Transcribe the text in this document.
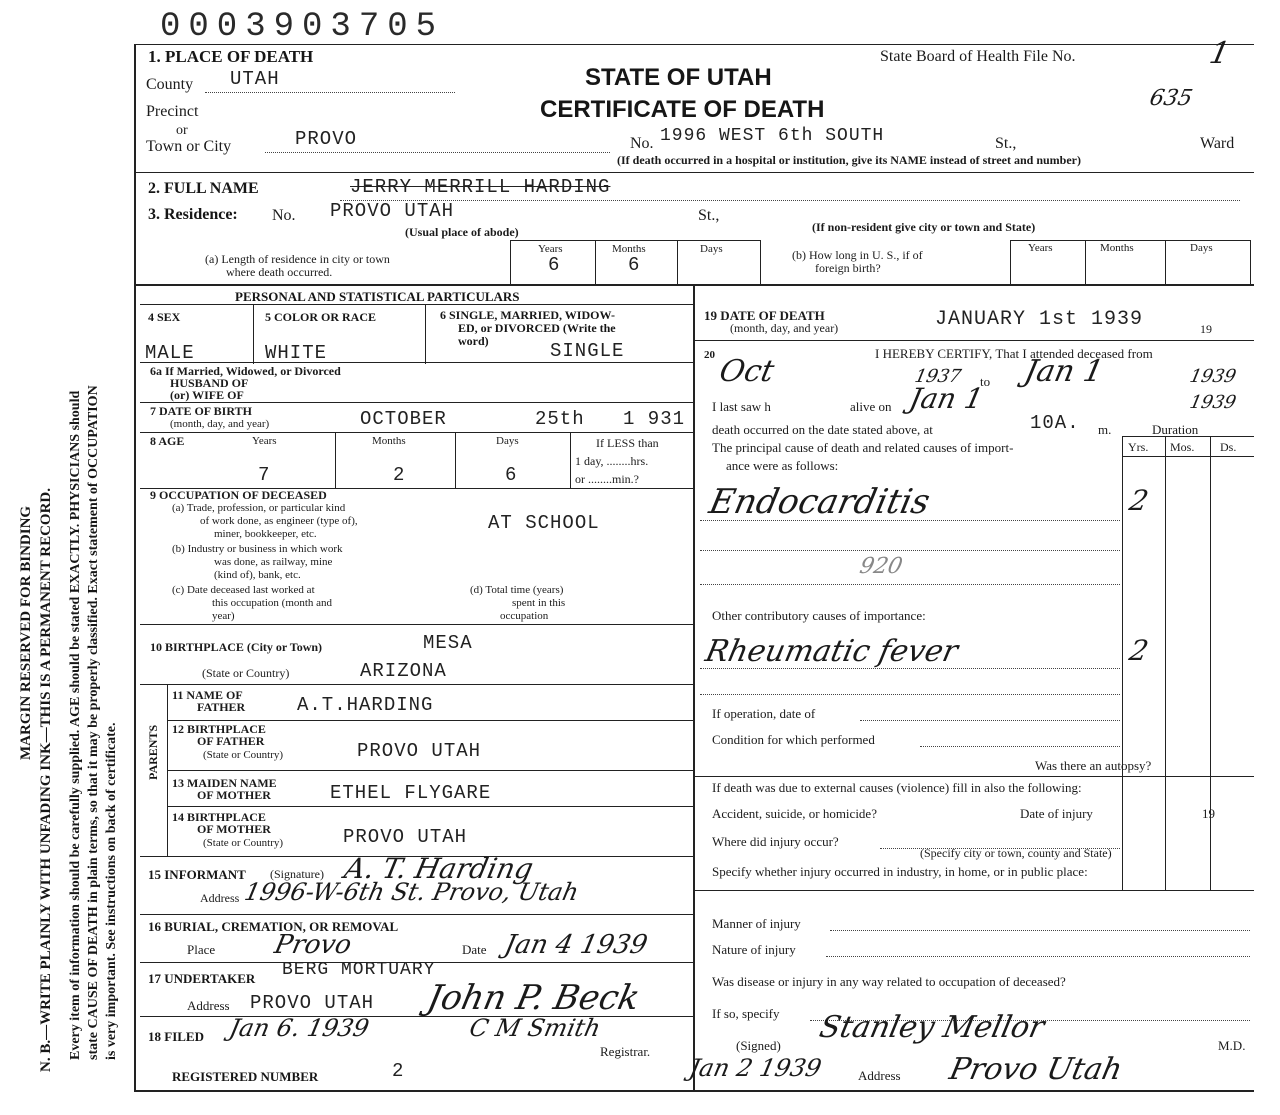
0003903705
MARGIN RESERVED FOR BINDING N. B.—WRITE PLAINLY WITH UNFADING INK—THIS IS A PERMANENT RECORD. Every item of information should be carefully supplied. AGE should be stated EXACTLY. PHYSICIANS should state CAUSE OF DEATH in plain terms, so that it may be properly classified. Exact statement of OCCUPATION is very important. See instructions on back of certificate.
1. PLACE OF DEATH
STATE OF UTAH
CERTIFICATE OF DEATH
State Board of Health File No.	1
635
County UTAH
Precinct
or
Town or City	PROVO	No. 1996 WEST 6th SOUTH	St.,	Ward
(If death occurred in a hospital or institution, give its NAME instead of street and number)
2. FULL NAME	JERRY MERRILL HARDING
3. Residence: No. PROVO UTAH	St.,
(Usual place of abode)	(If non-resident give city or town and State)
(a) Length of residence in city or town
where death occurred.
Years	Months	Days
6	6	(b) How long in U. S., if of
foreign birth?
Years	Months	Days
PERSONAL AND STATISTICAL PARTICULARS
4 SEX
MALE
5 COLOR OR RACE
WHITE
6 SINGLE, MARRIED, WIDOW-
ED, or DIVORCED (Write the
word)	SINGLE
6a If Married, Widowed, or Divorced
HUSBAND OF
(or) WIFE OF
7 DATE OF BIRTH
(month, day, and year)	OCTOBER	25th 1 931
8 AGE	Years	Months	Days
7	2	6
If LESS than
1 day, ........hrs.
or ........min.?
9 OCCUPATION OF DECEASED
(a) Trade, profession, or particular kind
of work done, as engineer (type of),
miner, bookkeeper, etc.	AT SCHOOL
(b) Industry or business in which work
was done, as railway, mine
(kind of), bank, etc.
(c) Date deceased last worked at
this occupation (month and
year)
(d) Total time (years)
spent in this
occupation
10 BIRTHPLACE (City or Town)	MESA
(State or Country)	ARIZONA
PARENTS
11 NAME OF
FATHER	A.T.HARDING
12 BIRTHPLACE
OF FATHER
(State or Country)	PROVO UTAH
13 MAIDEN NAME
OF MOTHER	ETHEL FLYGARE
14 BIRTHPLACE
OF MOTHER
(State or Country)	PROVO UTAH
15 INFORMANT (Signature) A. T. Harding
Address 1996-W-6th St. Provo, Utah
16 BURIAL, CREMATION, OR REMOVAL
Place Provo	Date Jan 4 1939
17 UNDERTAKER BERG MORTUARY
Address PROVO UTAH John P. Beck
18 FILED Jan 6. 1939	C M Smith
Registrar.
REGISTERED NUMBER	2
19 DATE OF DEATH
(month, day, and year)	JANUARY 1st 1939	19
20	I HEREBY CERTIFY, That I attended deceased from
Oct	1937 to Jan 1	1939
I last saw h	alive on Jan 1	1939
death occurred on the date stated above, at	10A. m.	Duration
The principal cause of death and related causes of import-
ance were as follows:
Yrs. Mos. Ds.
Endocarditis	2
920
Other contributory causes of importance:
Rheumatic fever	2
If operation, date of
Condition for which performed
Was there an autopsy?
If death was due to external causes (violence) fill in also the following:
Accident, suicide, or homicide?	Date of injury	19
Where did injury occur?
(Specify city or town, county and State)
Specify whether injury occurred in industry, in home, or in public place:
Manner of injury
Nature of injury
Was disease or injury in any way related to occupation of deceased?
If so, specify
(Signed)
Stanley Mellor
M.D.
Jan 2 1939	Address Provo Utah
